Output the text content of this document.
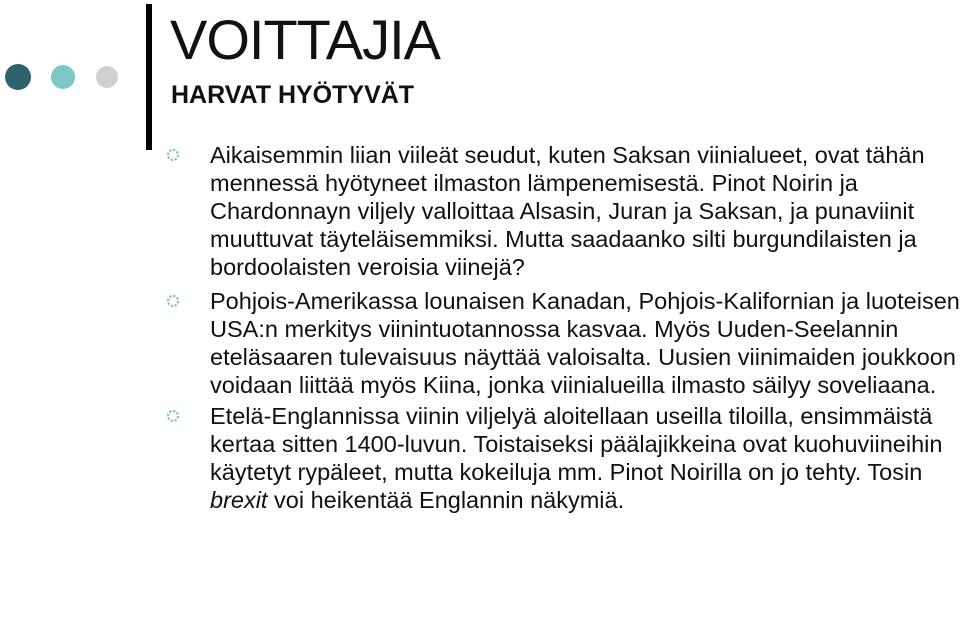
VOITTAJIA
HARVAT HYÖTYVÄT
Aikaisemmin liian viileät seudut, kuten Saksan viinialueet, ovat tähän mennessä hyötyneet ilmaston lämpenemisestä. Pinot Noirin ja Chardonnayn viljely valloittaa Alsasin, Juran ja Saksan, ja punaviinit muuttuvat täyteläisemmiksi. Mutta saadaanko silti burgundilaisten ja bordoolaisten veroisia viinejä?
Pohjois-Amerikassa lounaisen Kanadan, Pohjois-Kalifornian ja luoteisen USA:n merkitys viinintuotannossa kasvaa. Myös Uuden-Seelannin eteläsaaren tulevaisuus näyttää valoisalta. Uusien viinimaiden joukkoon voidaan liittää myös Kiina, jonka viinialueilla ilmasto säilyy soveliaana.
Etelä-Englannissa viinin viljelyä aloitellaan useilla tiloilla, ensimmäistä kertaa sitten 1400-luvun. Toistaiseksi päälajikkeina ovat kuohuviineihin käytetyt rypäleet, mutta kokeiluja mm. Pinot Noirilla on jo tehty. Tosin brexit voi heikentää Englannin näkymiä.
